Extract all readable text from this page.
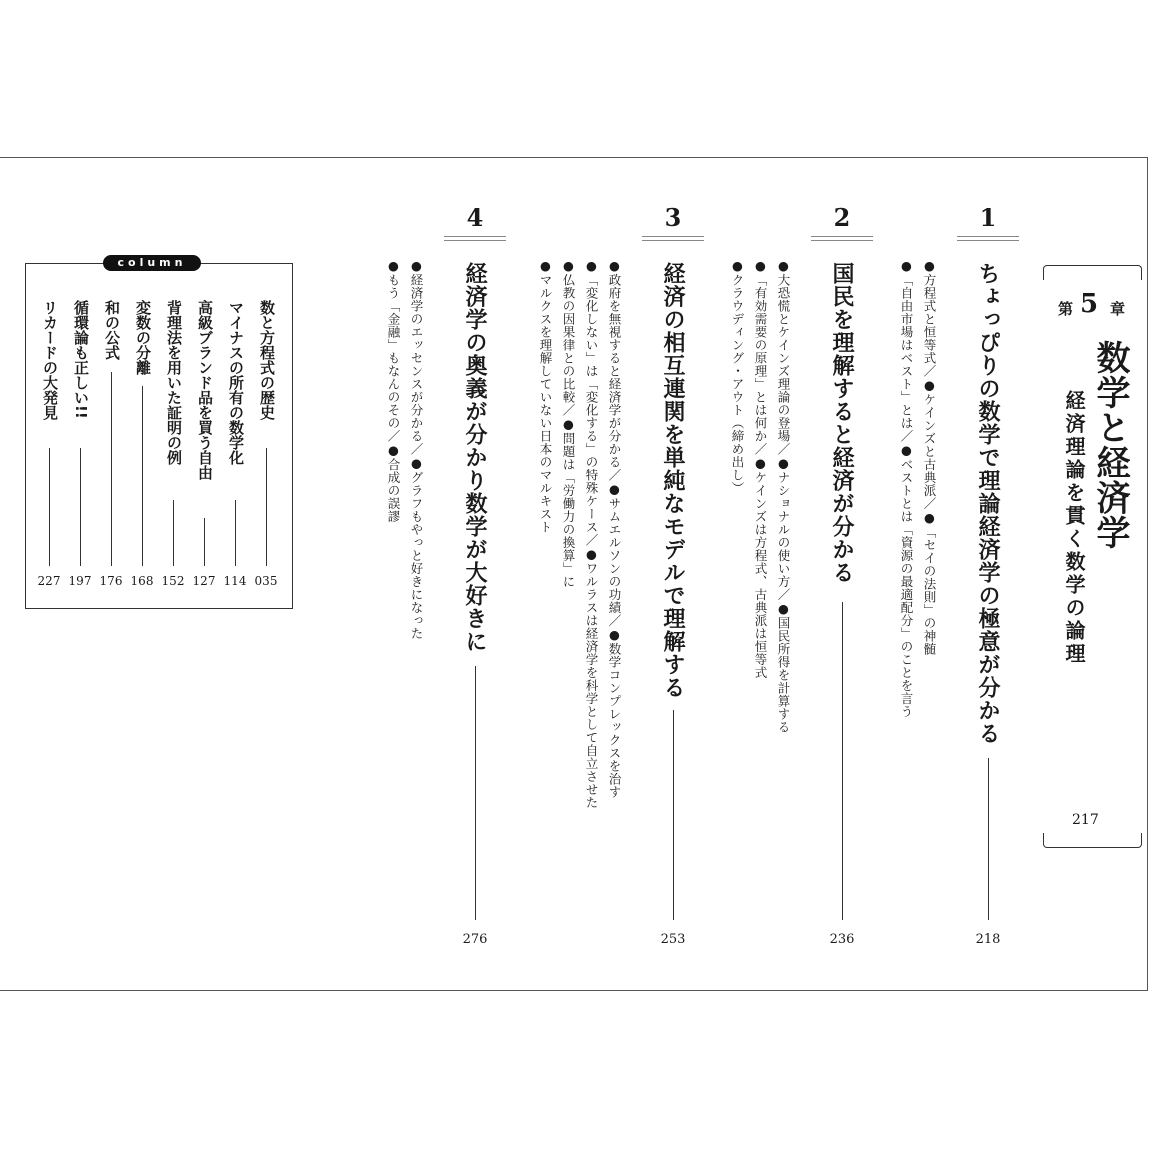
第 5 章
数学と経済学
経済理論を貫く数学の論理
217
1
ちょっぴりの数学で理論経済学の極意が分かる
218
●方程式と恒等式／●ケインズと古典派／●「セイの法則」の神髄
●「自由市場はベスト」とは／●ベストとは「資源の最適配分」のことを言う
2
国民を理解すると経済が分かる
236
●大恐慌とケインズ理論の登場／●ナショナルの使い方／●国民所得を計算する
●「有効需要の原理」とは何か／●ケインズは方程式、古典派は恒等式
●クラウディング・アウト（締め出し）
3
経済の相互連関を単純なモデルで理解する
253
●政府を無視すると経済学が分かる／●サムエルソンの功績／●数学コンプレックスを治す
●「変化しない」は「変化する」の特殊ケース／●ワルラスは経済学を科学として自立させた
●仏教の因果律との比較／●問題は「労働力の換算」に
●マルクスを理解していない日本のマルキスト
4
経済学の奥義が分かり数学が大好きに
276
●経済学のエッセンスが分かる／●グラフもやっと好きになった
●もう「金融」もなんのその／●合成の誤謬
column
数と方程式の歴史
035
マイナスの所有の数学化
114
高級ブランド品を買う自由
127
背理法を用いた証明の例
152
変数の分離
168
和の公式
176
循環論も正しい!!
197
リカードの大発見
227
